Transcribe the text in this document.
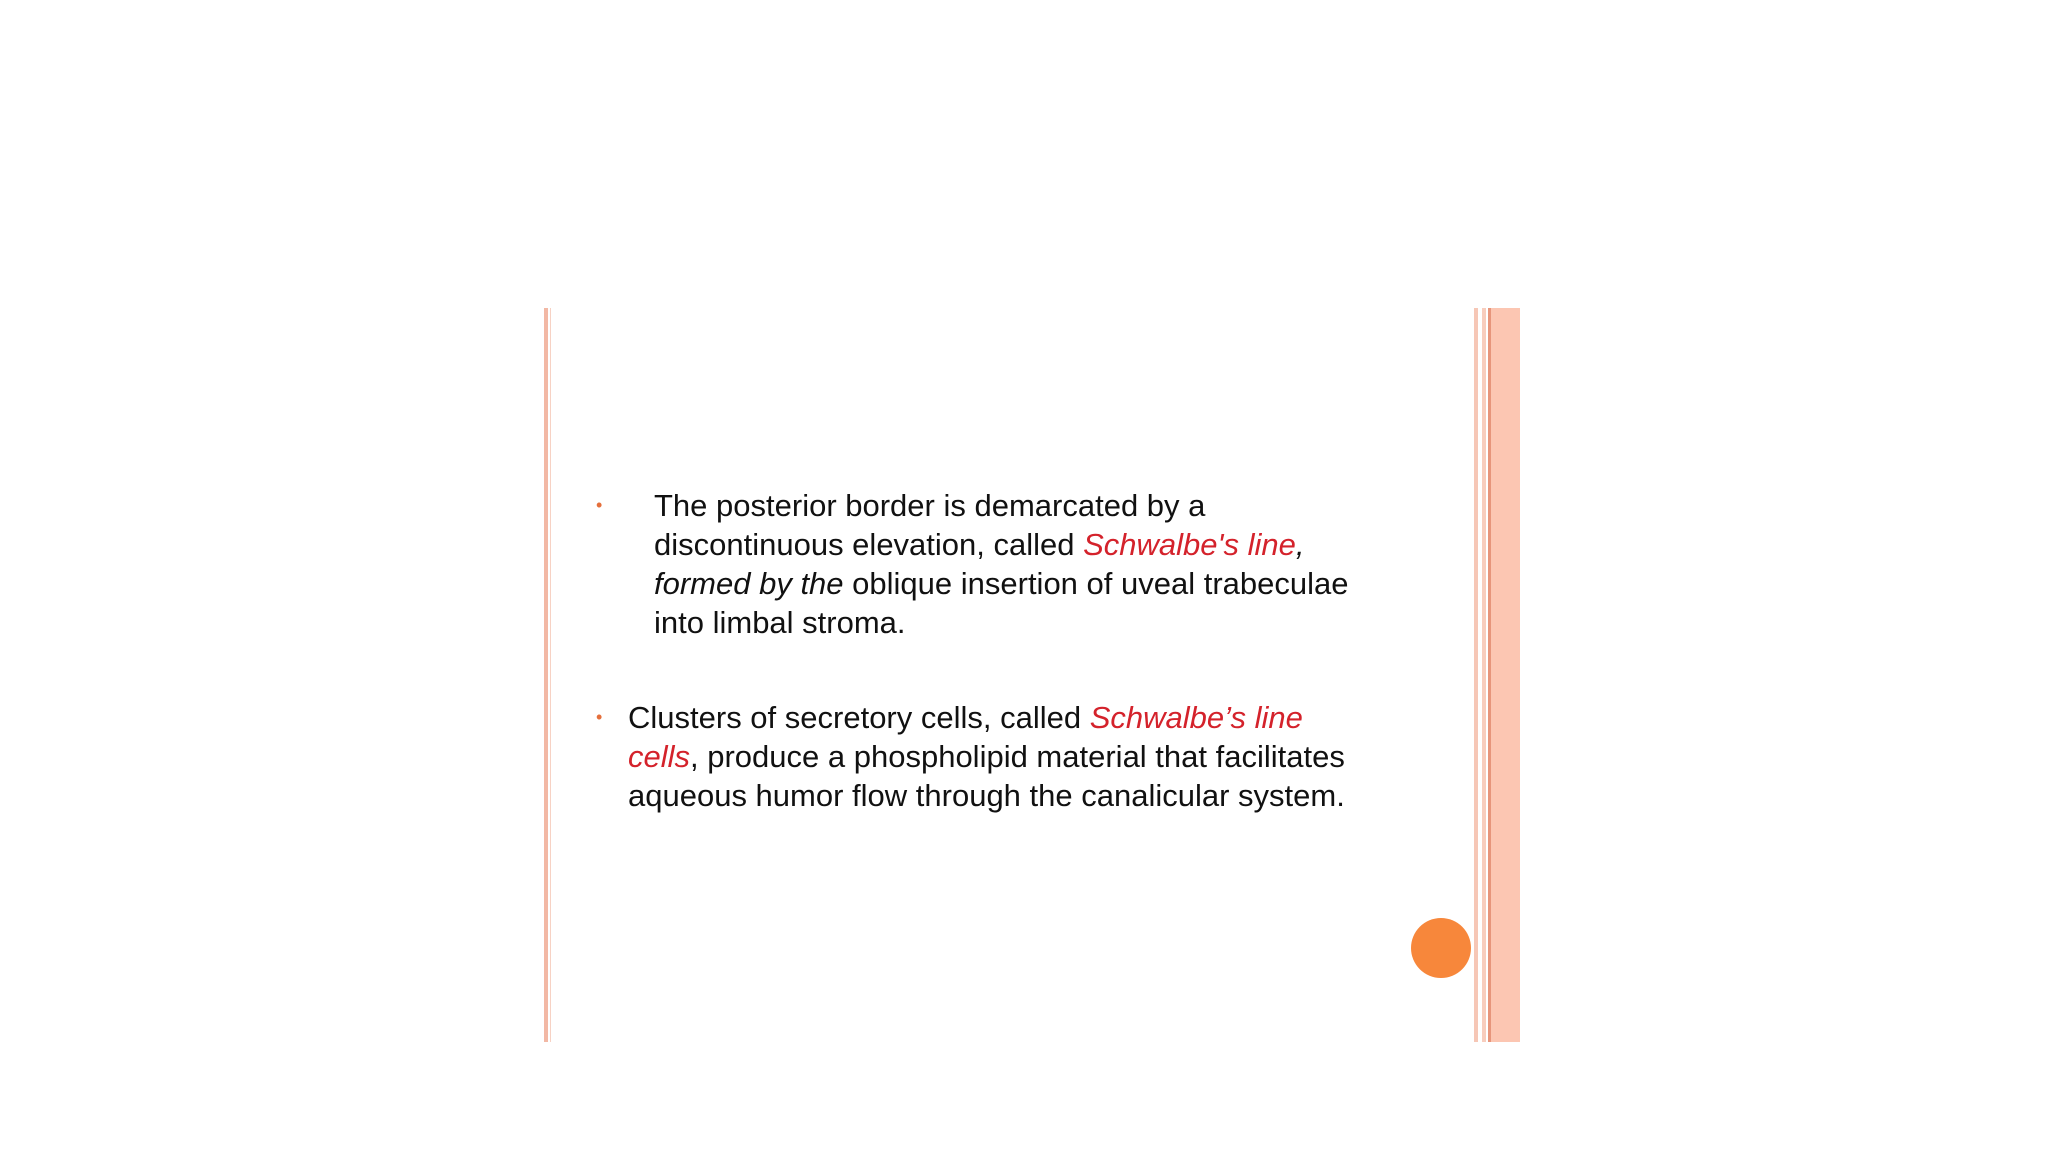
•	The posterior border is demarcated by a discontinuous elevation, called Schwalbe's line, formed by the oblique insertion of uveal trabeculae into limbal stroma.
• Clusters of secretory cells, called Schwalbe’s line cells, produce a phospholipid material that facilitates aqueous humor flow through the canalicular system.
